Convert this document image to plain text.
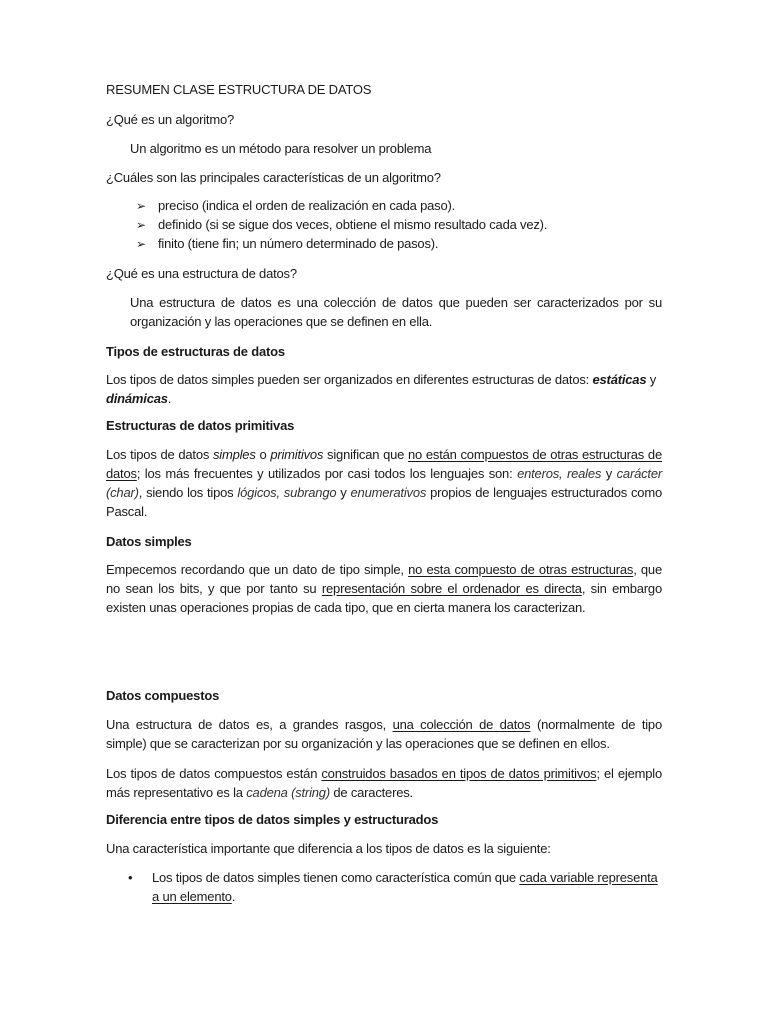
RESUMEN CLASE ESTRUCTURA DE DATOS

¿Qué es un algoritmo?

Un algoritmo es un método para resolver un problema

¿Cuáles son las principales características de un algoritmo?

➢ preciso (indica el orden de realización en cada paso).
➢ definido (si se sigue dos veces, obtiene el mismo resultado cada vez).
➢ finito (tiene fin; un número determinado de pasos).

¿Qué es una estructura de datos?

Una estructura de datos es una colección de datos que pueden ser caracterizados por su organización y las operaciones que se definen en ella.

Tipos de estructuras de datos

Los tipos de datos simples pueden ser organizados en diferentes estructuras de datos: estáticas y dinámicas.

Estructuras de datos primitivas

Los tipos de datos simples o primitivos significan que no están compuestos de otras estructuras de datos; los más frecuentes y utilizados por casi todos los lenguajes son: enteros, reales y carácter (char), siendo los tipos lógicos, subrango y enumerativos propios de lenguajes estructurados como Pascal.

Datos simples

Empecemos recordando que un dato de tipo simple, no esta compuesto de otras estructuras, que no sean los bits, y que por tanto su representación sobre el ordenador es directa, sin embargo existen unas operaciones propias de cada tipo, que en cierta manera los caracterizan.

Datos compuestos

Una estructura de datos es, a grandes rasgos, una colección de datos (normalmente de tipo simple) que se caracterizan por su organización y las operaciones que se definen en ellos.

Los tipos de datos compuestos están construidos basados en tipos de datos primitivos; el ejemplo más representativo es la cadena (string) de caracteres.

Diferencia entre tipos de datos simples y estructurados

Una característica importante que diferencia a los tipos de datos es la siguiente:

• Los tipos de datos simples tienen como característica común que cada variable representa a un elemento.
